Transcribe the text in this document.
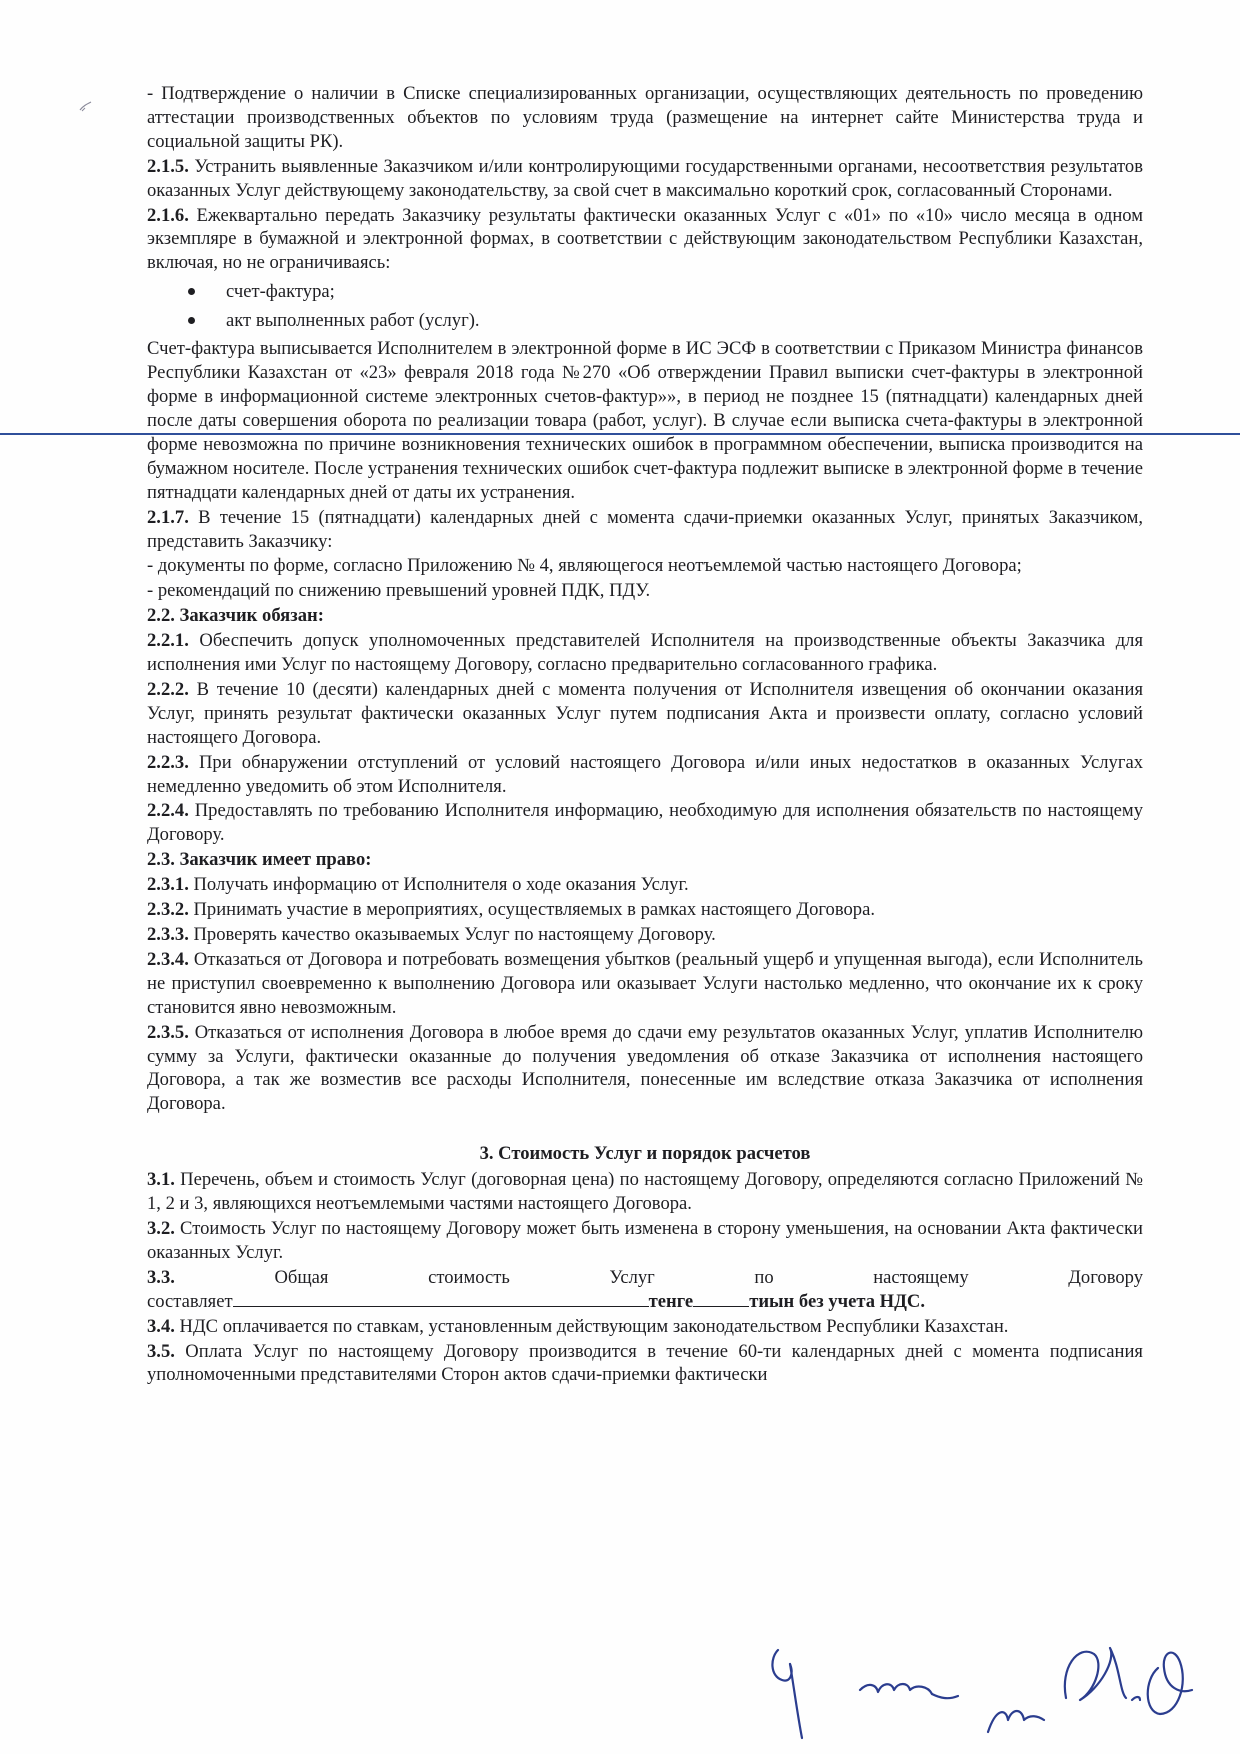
- Подтверждение о наличии в Списке специализированных организации, осуществляющих деятельность по проведению аттестации производственных объектов по условиям труда (размещение на интернет сайте Министерства труда и социальной защиты РК).

2.1.5. Устранить выявленные Заказчиком и/или контролирующими государственными органами, несоответствия результатов оказанных Услуг действующему законодательству, за свой счет в максимально короткий срок, согласованный Сторонами.

2.1.6. Ежеквартально передать Заказчику результаты фактически оказанных Услуг с «01» по «10» число месяца в одном экземпляре в бумажной и электронной формах, в соответствии с действующим законодательством Республики Казахстан, включая, но не ограничиваясь:

счет-фактура;
акт выполненных работ (услуг).

Счет-фактура выписывается Исполнителем в электронной форме в ИС ЭСФ в соответствии с Приказом Министра финансов Республики Казахстан от «23» февраля 2018 года №270 «Об отверждении Правил выписки счет-фактуры в электронной форме в информационной системе электронных счетов-фактур»», в период не позднее 15 (пятнадцати) календарных дней после даты совершения оборота по реализации товара (работ, услуг). В случае если выписка счета-фактуры в электронной форме невозможна по причине возникновения технических ошибок в программном обеспечении, выписка производится на бумажном носителе. После устранения технических ошибок счет-фактура подлежит выписке в электронной форме в течение пятнадцати календарных дней от даты их устранения.

2.1.7. В течение 15 (пятнадцати) календарных дней с момента сдачи-приемки оказанных Услуг, принятых Заказчиком, представить Заказчику:

- документы по форме, согласно Приложению № 4, являющегося неотъемлемой частью настоящего Договора;

- рекомендаций по снижению превышений уровней ПДК, ПДУ.

2.2. Заказчик обязан:

2.2.1. Обеспечить допуск уполномоченных представителей Исполнителя на производственные объекты Заказчика для исполнения ими Услуг по настоящему Договору, согласно предварительно согласованного графика.

2.2.2. В течение 10 (десяти) календарных дней с момента получения от Исполнителя извещения об окончании оказания Услуг, принять результат фактически оказанных Услуг путем подписания Акта и произвести оплату, согласно условий настоящего Договора.

2.2.3. При обнаружении отступлений от условий настоящего Договора и/или иных недостатков в оказанных Услугах немедленно уведомить об этом Исполнителя.

2.2.4. Предоставлять по требованию Исполнителя информацию, необходимую для исполнения обязательств по настоящему Договору.

2.3. Заказчик имеет право:

2.3.1. Получать информацию от Исполнителя о ходе оказания Услуг.

2.3.2. Принимать участие в мероприятиях, осуществляемых в рамках настоящего Договора.

2.3.3. Проверять качество оказываемых Услуг по настоящему Договору.

2.3.4. Отказаться от Договора и потребовать возмещения убытков (реальный ущерб и упущенная выгода), если Исполнитель не приступил своевременно к выполнению Договора или оказывает Услуги настолько медленно, что окончание их к сроку становится явно невозможным.

2.3.5. Отказаться от исполнения Договора в любое время до сдачи ему результатов оказанных Услуг, уплатив Исполнителю сумму за Услуги, фактически оказанные до получения уведомления об отказе Заказчика от исполнения настоящего Договора, а так же возместив все расходы Исполнителя, понесенные им вследствие отказа Заказчика от исполнения Договора.

3. Стоимость Услуг и порядок расчетов

3.1. Перечень, объем и стоимость Услуг (договорная цена) по настоящему Договору, определяются согласно Приложений № 1, 2 и 3, являющихся неотъемлемыми частями настоящего Договора.

3.2. Стоимость Услуг по настоящему Договору может быть изменена в сторону уменьшения, на основании Акта фактически оказанных Услуг.

3.3.	Общая	стоимость	Услуг	по	настоящему	Договору

составляет	тенге	тиын без учета НДС.

3.4. НДС оплачивается по ставкам, установленным действующим законодательством Республики Казахстан.

3.5. Оплата Услуг по настоящему Договору производится в течение 60-ти календарных дней с момента подписания уполномоченными представителями Сторон актов сдачи-приемки фактически
